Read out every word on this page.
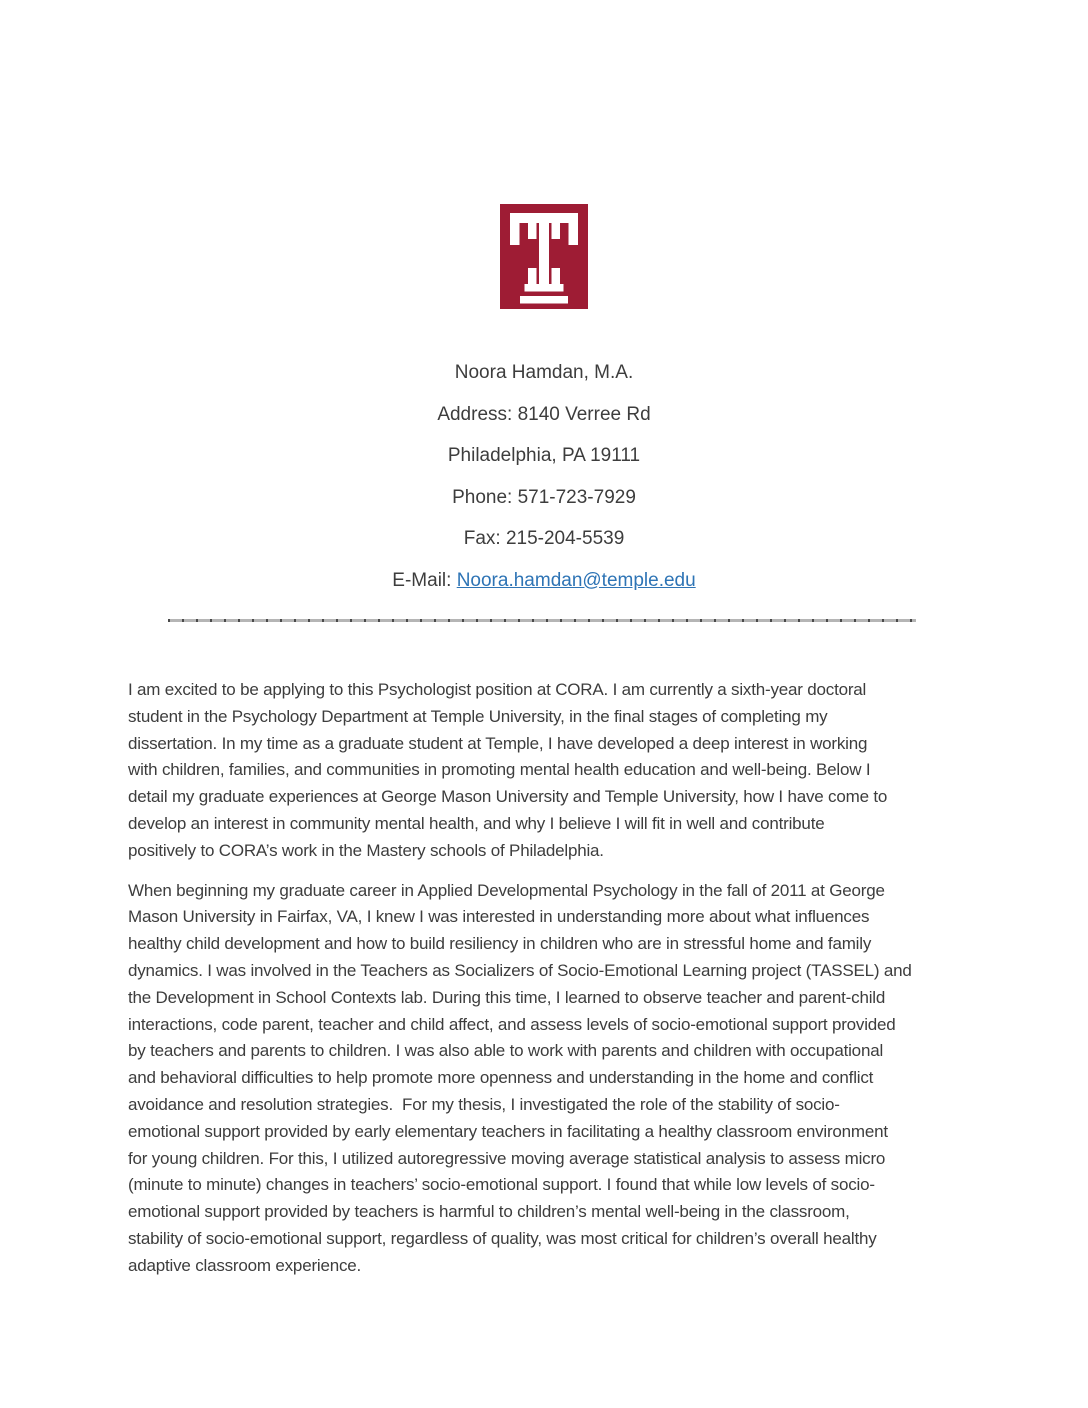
Noora Hamdan, M.A.
Address: 8140 Verree Rd
Philadelphia, PA 19111
Phone: 571-723-7929
Fax: 215-204-5539
E-Mail: Noora.hamdan@temple.edu
I am excited to be applying to this Psychologist position at CORA. I am currently a sixth-year doctoral
student in the Psychology Department at Temple University, in the final stages of completing my
dissertation. In my time as a graduate student at Temple, I have developed a deep interest in working
with children, families, and communities in promoting mental health education and well-being. Below I
detail my graduate experiences at George Mason University and Temple University, how I have come to
develop an interest in community mental health, and why I believe I will fit in well and contribute
positively to CORA’s work in the Mastery schools of Philadelphia.
When beginning my graduate career in Applied Developmental Psychology in the fall of 2011 at George
Mason University in Fairfax, VA, I knew I was interested in understanding more about what influences
healthy child development and how to build resiliency in children who are in stressful home and family
dynamics. I was involved in the Teachers as Socializers of Socio-Emotional Learning project (TASSEL) and
the Development in School Contexts lab. During this time, I learned to observe teacher and parent-child
interactions, code parent, teacher and child affect, and assess levels of socio-emotional support provided
by teachers and parents to children. I was also able to work with parents and children with occupational
and behavioral difficulties to help promote more openness and understanding in the home and conflict
avoidance and resolution strategies.  For my thesis, I investigated the role of the stability of socio-
emotional support provided by early elementary teachers in facilitating a healthy classroom environment
for young children. For this, I utilized autoregressive moving average statistical analysis to assess micro
(minute to minute) changes in teachers’ socio-emotional support. I found that while low levels of socio-
emotional support provided by teachers is harmful to children’s mental well-being in the classroom,
stability of socio-emotional support, regardless of quality, was most critical for children’s overall healthy
adaptive classroom experience.
